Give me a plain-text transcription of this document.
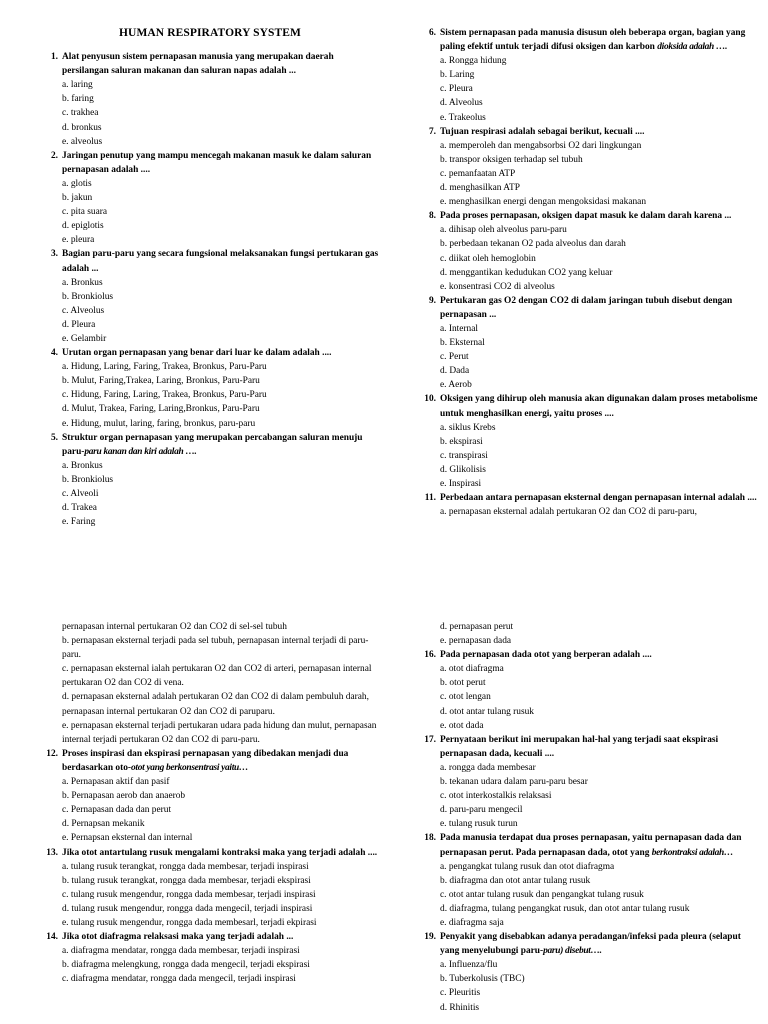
HUMAN RESPIRATORY SYSTEM
1. Alat penyusun sistem pernapasan manusia yang merupakan daerah persilangan saluran makanan dan saluran napas adalah ...
a. laring
b. faring
c. trakhea
d. bronkus
e. alveolus
2. Jaringan penutup yang mampu mencegah makanan masuk ke dalam saluran pernapasan adalah ....
a. glotis
b. jakun
c. pita suara
d. epiglotis
e. pleura
3. Bagian paru-paru yang secara fungsional melaksanakan fungsi pertukaran gas adalah ...
a. Bronkus
b. Bronkiolus
c. Alveolus
d. Pleura
e. Gelambir
4. Urutan organ pernapasan yang benar dari luar ke dalam adalah ....
a. Hidung, Laring, Faring, Trakea, Bronkus, Paru-Paru
b. Mulut, Faring,Trakea, Laring, Bronkus, Paru-Paru
c. Hidung, Faring, Laring, Trakea, Bronkus, Paru-Paru
d. Mulut, Trakea, Faring, Laring,Bronkus, Paru-Paru
e. Hidung, mulut, laring, faring, bronkus, paru-paru
5. Struktur organ pernapasan yang merupakan percabangan saluran menuju paru-paru kanan dan kiri adalah ….
a. Bronkus
b. Bronkiolus
c. Alveoli
d. Trakea
e. Faring
6. Sistem pernapasan pada manusia disusun oleh beberapa organ, bagian yang paling efektif untuk terjadi difusi oksigen dan karbon dioksida adalah ….
a. Rongga hidung
b. Laring
c. Pleura
d. Alveolus
e. Trakeolus
7. Tujuan respirasi adalah sebagai berikut, kecuali ....
a. memperoleh dan mengabsorbsi O2 dari lingkungan
b. transpor oksigen terhadap sel tubuh
c. pemanfaatan ATP
d. menghasilkan ATP
e. menghasilkan energi dengan mengoksidasi makanan
8. Pada proses pernapasan, oksigen dapat masuk ke dalam darah karena ...
a. dihisap oleh alveolus paru-paru
b. perbedaan tekanan O2 pada alveolus dan darah
c. diikat oleh hemoglobin
d. menggantikan kedudukan CO2 yang keluar
e. konsentrasi CO2 di alveolus
9. Pertukaran gas O2 dengan CO2 di dalam jaringan tubuh disebut dengan pernapasan ...
a. Internal
b. Eksternal
c. Perut
d. Dada
e. Aerob
10. Oksigen yang dihirup oleh manusia akan digunakan dalam proses metabolisme untuk menghasilkan energi, yaitu proses ....
a. siklus Krebs
b. ekspirasi
c. transpirasi
d. Glikolisis
e. Inspirasi
11. Perbedaan antara pernapasan eksternal dengan pernapasan internal adalah ....
a. pernapasan eksternal adalah pertukaran O2 dan CO2 di paru-paru,
pernapasan internal pertukaran O2 dan CO2 di sel-sel tubuh
b. pernapasan eksternal terjadi pada sel tubuh, pernapasan internal terjadi di paru-paru.
c. pernapasan eksternal ialah pertukaran O2 dan CO2 di arteri, pernapasan internal pertukaran O2 dan CO2 di vena.
d. pernapasan eksternal adalah pertukaran O2 dan CO2 di dalam pembuluh darah, pernapasan internal pertukaran O2 dan CO2 di paruparu.
e. pernapasan eksternal terjadi pertukaran udara pada hidung dan mulut, pernapasan internal terjadi pertukaran O2 dan CO2 di paru-paru.
12. Proses inspirasi dan ekspirasi pernapasan yang dibedakan menjadi dua berdasarkan oto-otot yang berkonsentrasi yaitu…
a. Pernapasan aktif dan pasif
b. Pernapasan aerob dan anaerob
c. Pernapasan dada dan perut
d. Pernapsan mekanik
e. Pernapsan eksternal dan internal
13. Jika otot antartulang rusuk mengalami kontraksi maka yang terjadi adalah ....
a. tulang rusuk terangkat, rongga dada membesar, terjadi inspirasi
b. tulang rusuk terangkat, rongga dada membesar, terjadi ekspirasi
c. tulang rusuk mengendur, rongga dada membesar, terjadi inspirasi
d. tulang rusuk mengendur, rongga dada mengecil, terjadi inspirasi
e. tulang rusuk mengendur, rongga dada membesarl, terjadi ekpirasi
14. Jika otot diafragma relaksasi maka yang terjadi adalah ...
a. diafragma mendatar, rongga dada membesar, terjadi inspirasi
b. diafragma melengkung, rongga dada mengecil, terjadi ekspirasi
c. diafragma mendatar, rongga dada mengecil, terjadi inspirasi
d. pernapasan perut
e. pernapasan dada
16. Pada pernapasan dada otot yang berperan adalah ....
a. otot diafragma
b. otot perut
c. otot lengan
d. otot antar tulang rusuk
e. otot dada
17. Pernyataan berikut ini merupakan hal-hal yang terjadi saat ekspirasi pernapasan dada, kecuali ....
a. rongga dada membesar
b. tekanan udara dalam paru-paru besar
c. otot interkostalkis relaksasi
d. paru-paru mengecil
e. tulang rusuk turun
18. Pada manusia terdapat dua proses pernapasan, yaitu pernapasan dada dan pernapasan perut. Pada pernapasan dada, otot yang berkontraksi adalah…
a. pengangkat tulang rusuk dan otot diafragma
b. diafragma dan otot antar tulang rusuk
c. otot antar tulang rusuk dan pengangkat tulang rusuk
d. diafragma, tulang pengangkat rusuk, dan otot antar tulang rusuk
e. diafragma saja
19. Penyakit yang disebabkan adanya peradangan/infeksi pada pleura (selaput yang menyelubungi paru-paru) disebut….
a. Influenza/flu
b. Tuberkolusis (TBC)
c. Pleuritis
d. Rhinitis
